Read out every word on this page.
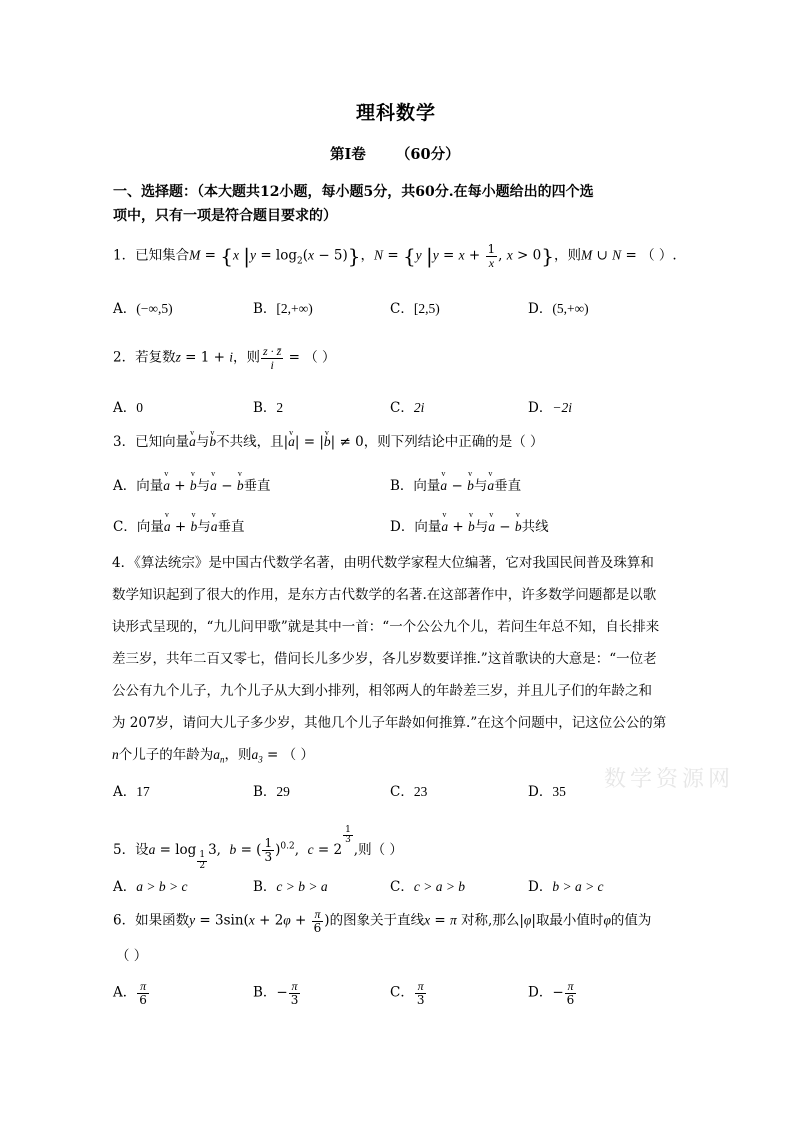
理科数学
第Ⅰ卷 （60分）
一、选择题：（本大题共12小题，每小题5分，共60分.在每小题给出的四个选
项中，只有一项是符合题目要求的）
1．已知集合M = {x $|y = \log_2(x - 5)$}，N = {y $|y = x + \frac{1}{x}$ , x > 0}，则M ∪ N = （ ）.
A．(−∞,5)	B．[2,+∞)	C．[2,5)	D．(5,+∞)
2．若复数z = 1 + i，则 $\frac{z \cdot z̄}{i}$ = （ ）
A．0	B．2	C．2i	D．−2i
3．已知向量v a与v b不共线，且|v a| = |v b| ≠ 0，则下列结论中正确的是（ ）
A．向量v a + v b与v a − v b垂直	B．向量v a − v b与v a垂直
C．向量v a + v b与v a垂直	D．向量v a + v b与v a − v b共线

4．《算法统宗》是中国古代数学名著，由明代数学家程大位编著，它对我国民间普及珠算和

数学知识起到了很大的作用，是东方古代数学的名著.在这部著作中，许多数学问题都是以歌

诀形式呈现的，“九儿问甲歌”就是其中一首：“一个公公九个儿，若问生年总不知，自长排来

差三岁，共年二百又零七，借问长儿多少岁，各儿岁数要详推.”这首歌诀的大意是：“一位老

公公有九个儿子，九个儿子从大到小排列，相邻两人的年龄差三岁，并且儿子们的年龄之和

为 207岁，请问大儿子多少岁，其他几个儿子年龄如何推算.”在这个问题中，记这位公公的第

n个儿子的年龄为$a_n$，则$a_3$ = （ ）

A．17	B．29	C．23	D．35 数学资源网
5．设a = log
$_{\frac{1}{2}}$
3,  b = ( $\frac{1}{3} )^{0.2}$,  c = 2
$^{\frac{1}{3}}$
,则（ ）
A．a > b > c	B．c > b > a	C．c > a > b	D．b > a > c
6．如果函数$y = 3\sin(x + 2\varphi + \frac{\pi}{6}$ )的图象关于直线x = π 对称,那么|φ|取最小值时φ的值为
（ ）
A． $\frac{\pi}{6}$	B．− $\frac{\pi}{3}$	C． $\frac{\pi}{3}$	D．− $\frac{\pi}{6}$
